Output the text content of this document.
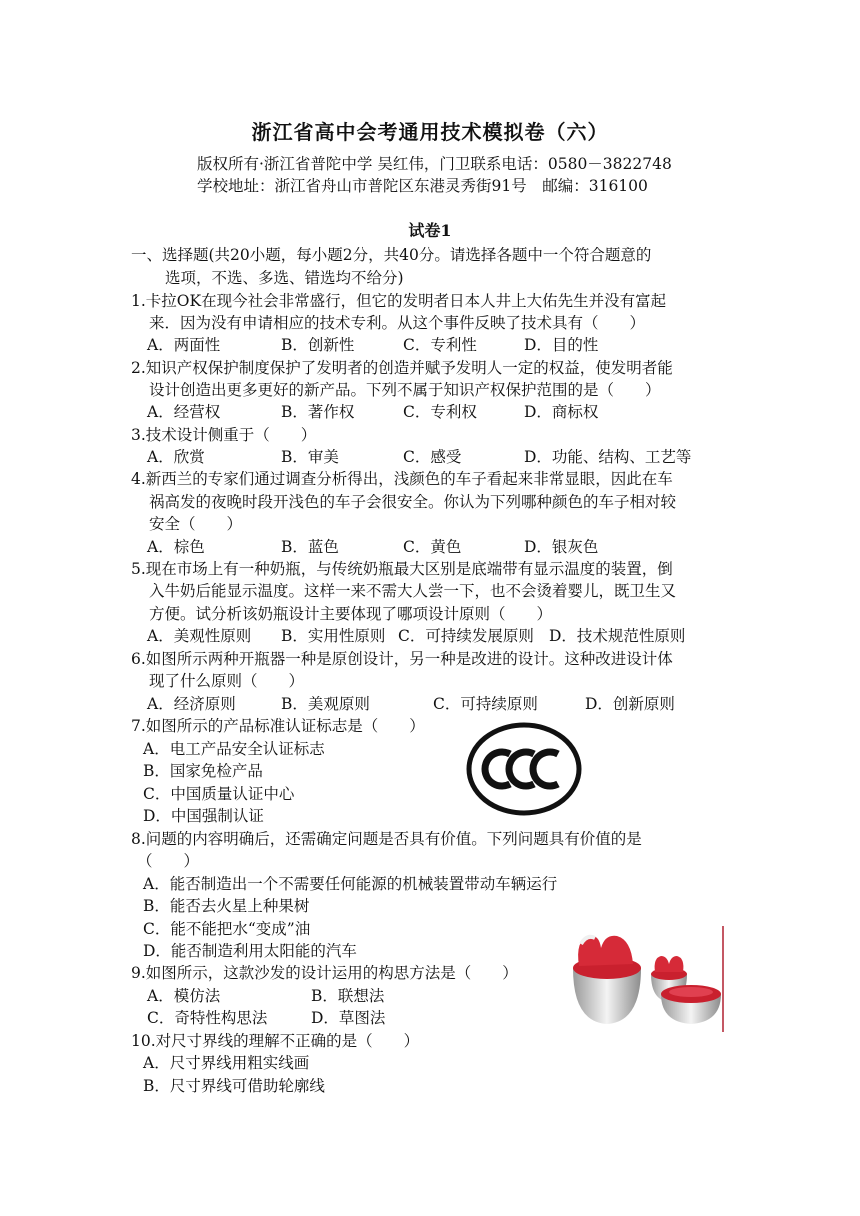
浙江省高中会考通用技术模拟卷（六）
版权所有·浙江省普陀中学 吴红伟，门卫联系电话：0580－3822748
学校地址：浙江省舟山市普陀区东港灵秀街91号　邮编：316100
试卷1
一、选择题(共20小题，每小题2分，共40分。请选择各题中一个符合题意的
选项，不选、多选、错选均不给分)
1.卡拉OK在现今社会非常盛行，但它的发明者日本人井上大佑先生并没有富起
来．因为没有申请相应的技术专利。从这个事件反映了技术具有（　　）
A．两面性	B．创新性	C．专利性	D．目的性
2.知识产权保护制度保护了发明者的创造并赋予发明人一定的权益，使发明者能
设计创造出更多更好的新产品。下列不属于知识产权保护范围的是（　　）
A．经营权	B．著作权	C．专利权	D．商标权
3.技术设计侧重于（　　）
A．欣赏	B．审美	C．感受	D．功能、结构、工艺等
4.新西兰的专家们通过调查分析得出，浅颜色的车子看起来非常显眼，因此在车
祸高发的夜晚时段开浅色的车子会很安全。你认为下列哪种颜色的车子相对较
安全（　　）
A．棕色	B．蓝色	C．黄色	D．银灰色
5.现在市场上有一种奶瓶，与传统奶瓶最大区别是底端带有显示温度的装置，倒
入牛奶后能显示温度。这样一来不需大人尝一下，也不会烫着婴儿，既卫生又
方便。试分析该奶瓶设计主要体现了哪项设计原则（　　）
A．美观性原则 B．实用性原则 C．可持续发展原则 D．技术规范性原则
6.如图所示两种开瓶器一种是原创设计，另一种是改进的设计。这种改进设计体
现了什么原则（　　）
A．经济原则	B．美观原则	C．可持续原则	D．创新原则
7.如图所示的产品标准认证标志是（　　）
A．电工产品安全认证标志
B．国家免检产品
C．中国质量认证中心
D．中国强制认证
8.问题的内容明确后，还需确定问题是否具有价值。下列问题具有价值的是
（　　）
A．能否制造出一个不需要任何能源的机械装置带动车辆运行
B．能否去火星上种果树
C．能不能把水“变成”油
D．能否制造利用太阳能的汽车
9.如图所示，这款沙发的设计运用的构思方法是（　　）
A．模仿法	B．联想法
C．奇特性构思法	D．草图法
10.对尺寸界线的理解不正确的是（　　）
A．尺寸界线用粗实线画
B．尺寸界线可借助轮廓线
